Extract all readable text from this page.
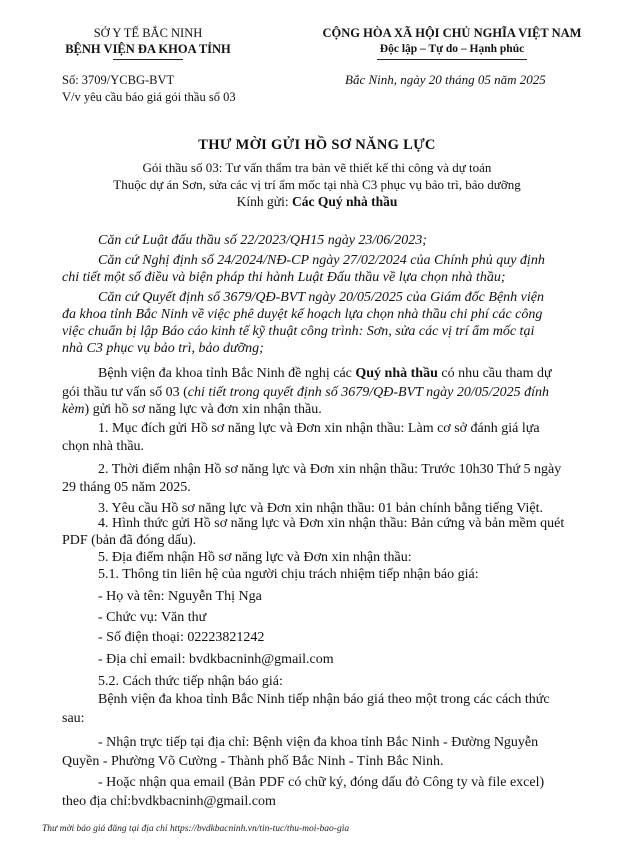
SỞ Y TẾ BẮC NINH
BỆNH VIỆN ĐA KHOA TỈNH
CỘNG HÒA XÃ HỘI CHỦ NGHĨA VIỆT NAM
Độc lập – Tự do – Hạnh phúc
Số: 3709/YCBG-BVT
V/v yêu cầu báo giá gói thầu số 03
Bắc Ninh, ngày 20 tháng 05 năm 2025
THƯ MỜI GỬI HỒ SƠ NĂNG LỰC
Gói thầu số 03: Tư vấn thẩm tra bản vẽ thiết kế thi công và dự toán
Thuộc dự án Sơn, sửa các vị trí ẩm mốc tại nhà C3 phục vụ bảo trì, bảo dưỡng
Kính gửi: Các Quý nhà thầu
Căn cứ Luật đấu thầu số 22/2023/QH15 ngày 23/06/2023;
Căn cứ Nghị định số 24/2024/NĐ-CP ngày 27/02/2024 của Chính phủ quy định
chi tiết một số điều và biện pháp thi hành Luật Đấu thầu về lựa chọn nhà thầu;
Căn cứ Quyết định số 3679/QĐ-BVT ngày 20/05/2025 của Giám đốc Bệnh viện
đa khoa tỉnh Bắc Ninh về việc phê duyệt kế hoạch lựa chọn nhà thầu chi phí các công
việc chuẩn bị lập Báo cáo kinh tế kỹ thuật công trình: Sơn, sửa các vị trí ẩm mốc tại
nhà C3 phục vụ bảo trì, bảo dưỡng;
Bệnh viện đa khoa tỉnh Bắc Ninh đề nghị các Quý nhà thầu có nhu cầu tham dự
gói thầu tư vấn số 03 (chi tiết trong quyết định số 3679/QĐ-BVT ngày 20/05/2025 đính
kèm) gửi hồ sơ năng lực và đơn xin nhận thầu.
1. Mục đích gửi Hồ sơ năng lực và Đơn xin nhận thầu: Làm cơ sở đánh giá lựa
chọn nhà thầu.
2. Thời điểm nhận Hồ sơ năng lực và Đơn xin nhận thầu: Trước 10h30 Thứ 5 ngày
29 tháng 05 năm 2025.
3. Yêu cầu Hồ sơ năng lực và Đơn xin nhận thầu: 01 bản chính bằng tiếng Việt.
4. Hình thức gửi Hồ sơ năng lực và Đơn xin nhận thầu: Bản cứng và bản mềm quét
PDF (bản đã đóng dấu).
5. Địa điểm nhận Hồ sơ năng lực và Đơn xin nhận thầu:
5.1. Thông tin liên hệ của người chịu trách nhiệm tiếp nhận báo giá:
- Họ và tên: Nguyễn Thị Nga
- Chức vụ: Văn thư
- Số điện thoại: 02223821242
- Địa chỉ email: bvdkbacninh@gmail.com
5.2. Cách thức tiếp nhận báo giá:
Bệnh viện đa khoa tỉnh Bắc Ninh tiếp nhận báo giá theo một trong các cách thức
sau:
- Nhận trực tiếp tại địa chỉ: Bệnh viện đa khoa tỉnh Bắc Ninh - Đường Nguyễn
Quyền - Phường Võ Cường - Thành phố Bắc Ninh - Tỉnh Bắc Ninh.
- Hoặc nhận qua email (Bản PDF có chữ ký, đóng dấu đỏ Công ty và file excel)
theo địa chỉ:bvdkbacninh@gmail.com
Thư mời báo giá đăng tại địa chỉ https://bvdkbacninh.vn/tin-tuc/thu-moi-bao-gia
